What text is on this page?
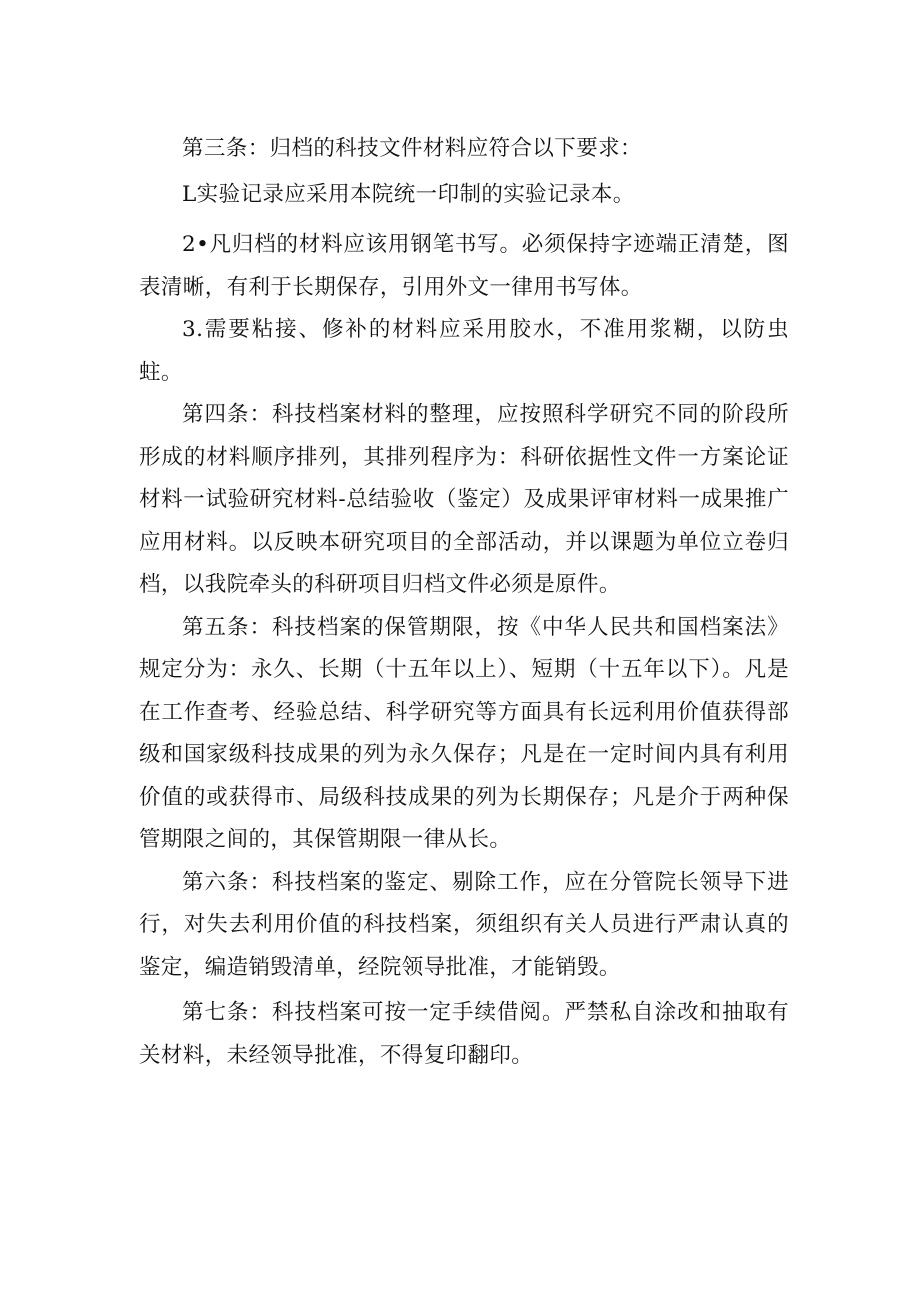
第三条：归档的科技文件材料应符合以下要求：

L实验记录应采用本院统一印制的实验记录本。

2•凡归档的材料应该用钢笔书写。必须保持字迹端正清楚，图表清晰，有利于长期保存，引用外文一律用书写体。

3.需要粘接、修补的材料应采用胶水，不准用浆糊，以防虫蛀。

第四条：科技档案材料的整理，应按照科学研究不同的阶段所形成的材料顺序排列，其排列程序为：科研依据性文件一方案论证材料一试验研究材料-总结验收（鉴定）及成果评审材料一成果推广应用材料。以反映本研究项目的全部活动，并以课题为单位立卷归档，以我院牵头的科研项目归档文件必须是原件。

第五条：科技档案的保管期限，按《中华人民共和国档案法》规定分为：永久、长期（十五年以上）、短期（十五年以下）。凡是在工作查考、经验总结、科学研究等方面具有长远利用价值获得部级和国家级科技成果的列为永久保存；凡是在一定时间内具有利用价值的或获得市、局级科技成果的列为长期保存；凡是介于两种保管期限之间的，其保管期限一律从长。

第六条：科技档案的鉴定、剔除工作，应在分管院长领导下进行，对失去利用价值的科技档案，须组织有关人员进行严肃认真的鉴定，编造销毁清单，经院领导批准，才能销毁。

第七条：科技档案可按一定手续借阅。严禁私自涂改和抽取有关材料，未经领导批准，不得复印翻印。
